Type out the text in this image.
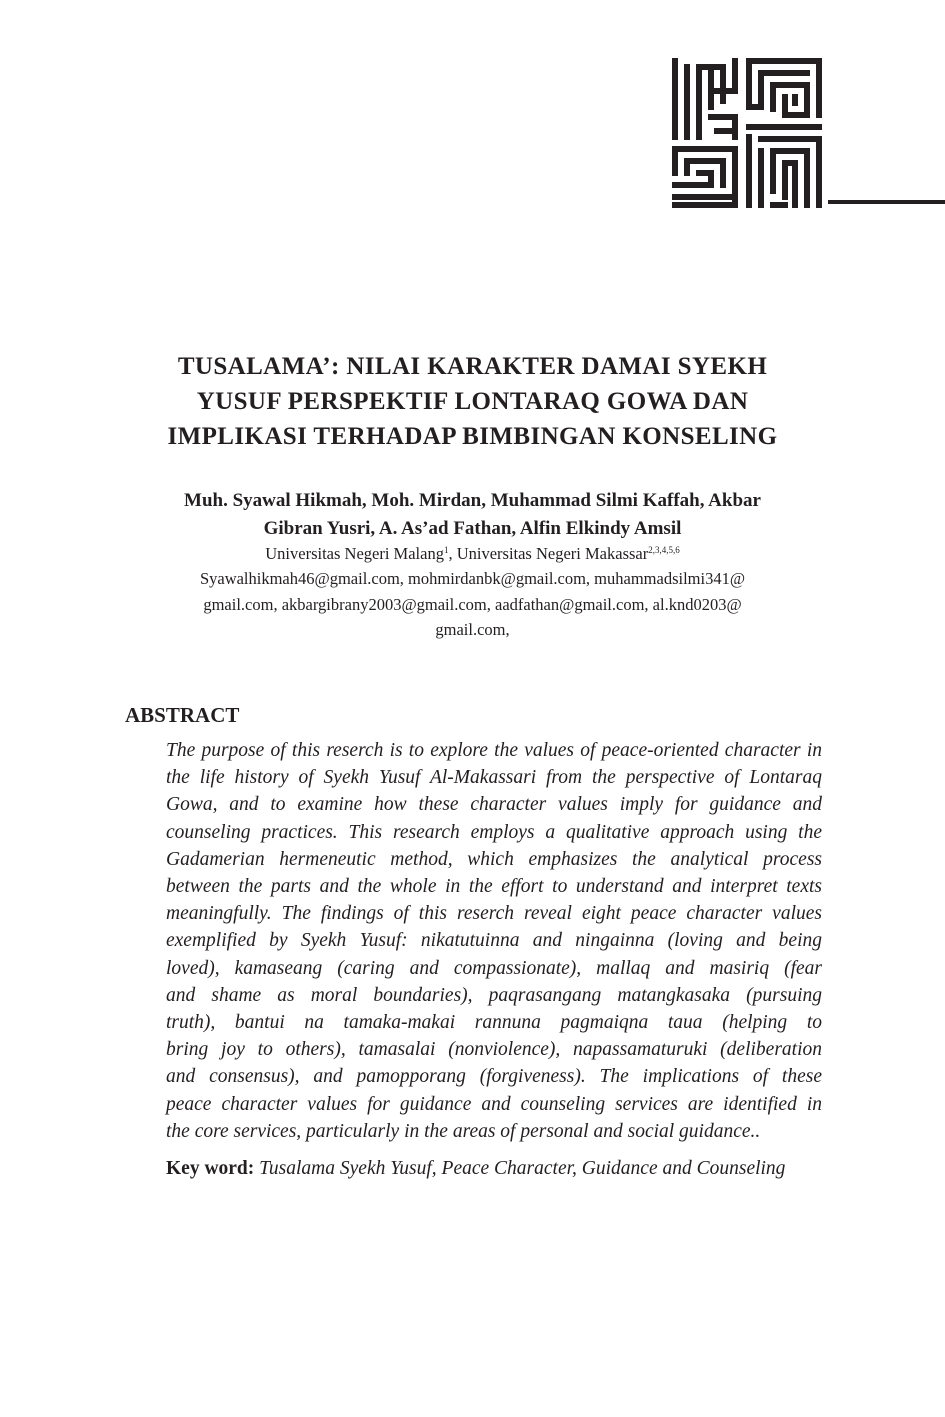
TUSALAMA’: NILAI KARAKTER DAMAI SYEKH
YUSUF PERSPEKTIF LONTARAQ GOWA DAN
IMPLIKASI TERHADAP BIMBINGAN KONSELING
Muh. Syawal Hikmah, Moh. Mirdan, Muhammad Silmi Kaffah, Akbar
Gibran Yusri, A. As’ad Fathan, Alfin Elkindy Amsil
Universitas Negeri Malang$^1$, Universitas Negeri Makassar$^{2,3,4,5,6}$
Syawalhikmah46@gmail.com, mohmirdanbk@gmail.com, muhammadsilmi341@
gmail.com, akbargibrany2003@gmail.com, aadfathan@gmail.com, al.knd0203@
gmail.com,
ABSTRACT
The purpose of this reserch is to explore the values of peace-oriented character in
the life history of Syekh Yusuf Al-Makassari from the perspective of Lontaraq
Gowa, and to examine how these character values imply for guidance and
counseling practices. This research employs a qualitative approach using the
Gadamerian hermeneutic method, which emphasizes the analytical process
between the parts and the whole in the effort to understand and interpret texts
meaningfully. The findings of this reserch reveal eight peace character values
exemplified by Syekh Yusuf: nikatutuinna and ningainna (loving and being
loved), kamaseang (caring and compassionate), mallaq and masiriq (fear
and shame as moral boundaries), paqrasangang matangkasaka (pursuing
truth), bantui na tamaka-makai rannuna pagmaiqna taua (helping to
bring joy to others), tamasalai (nonviolence), napassamaturuki (deliberation
and consensus), and pamopporang (forgiveness). The implications of these
peace character values for guidance and counseling services are identified in
the core services, particularly in the areas of personal and social guidance..
Key word: Tusalama Syekh Yusuf, Peace Character, Guidance and Counseling
